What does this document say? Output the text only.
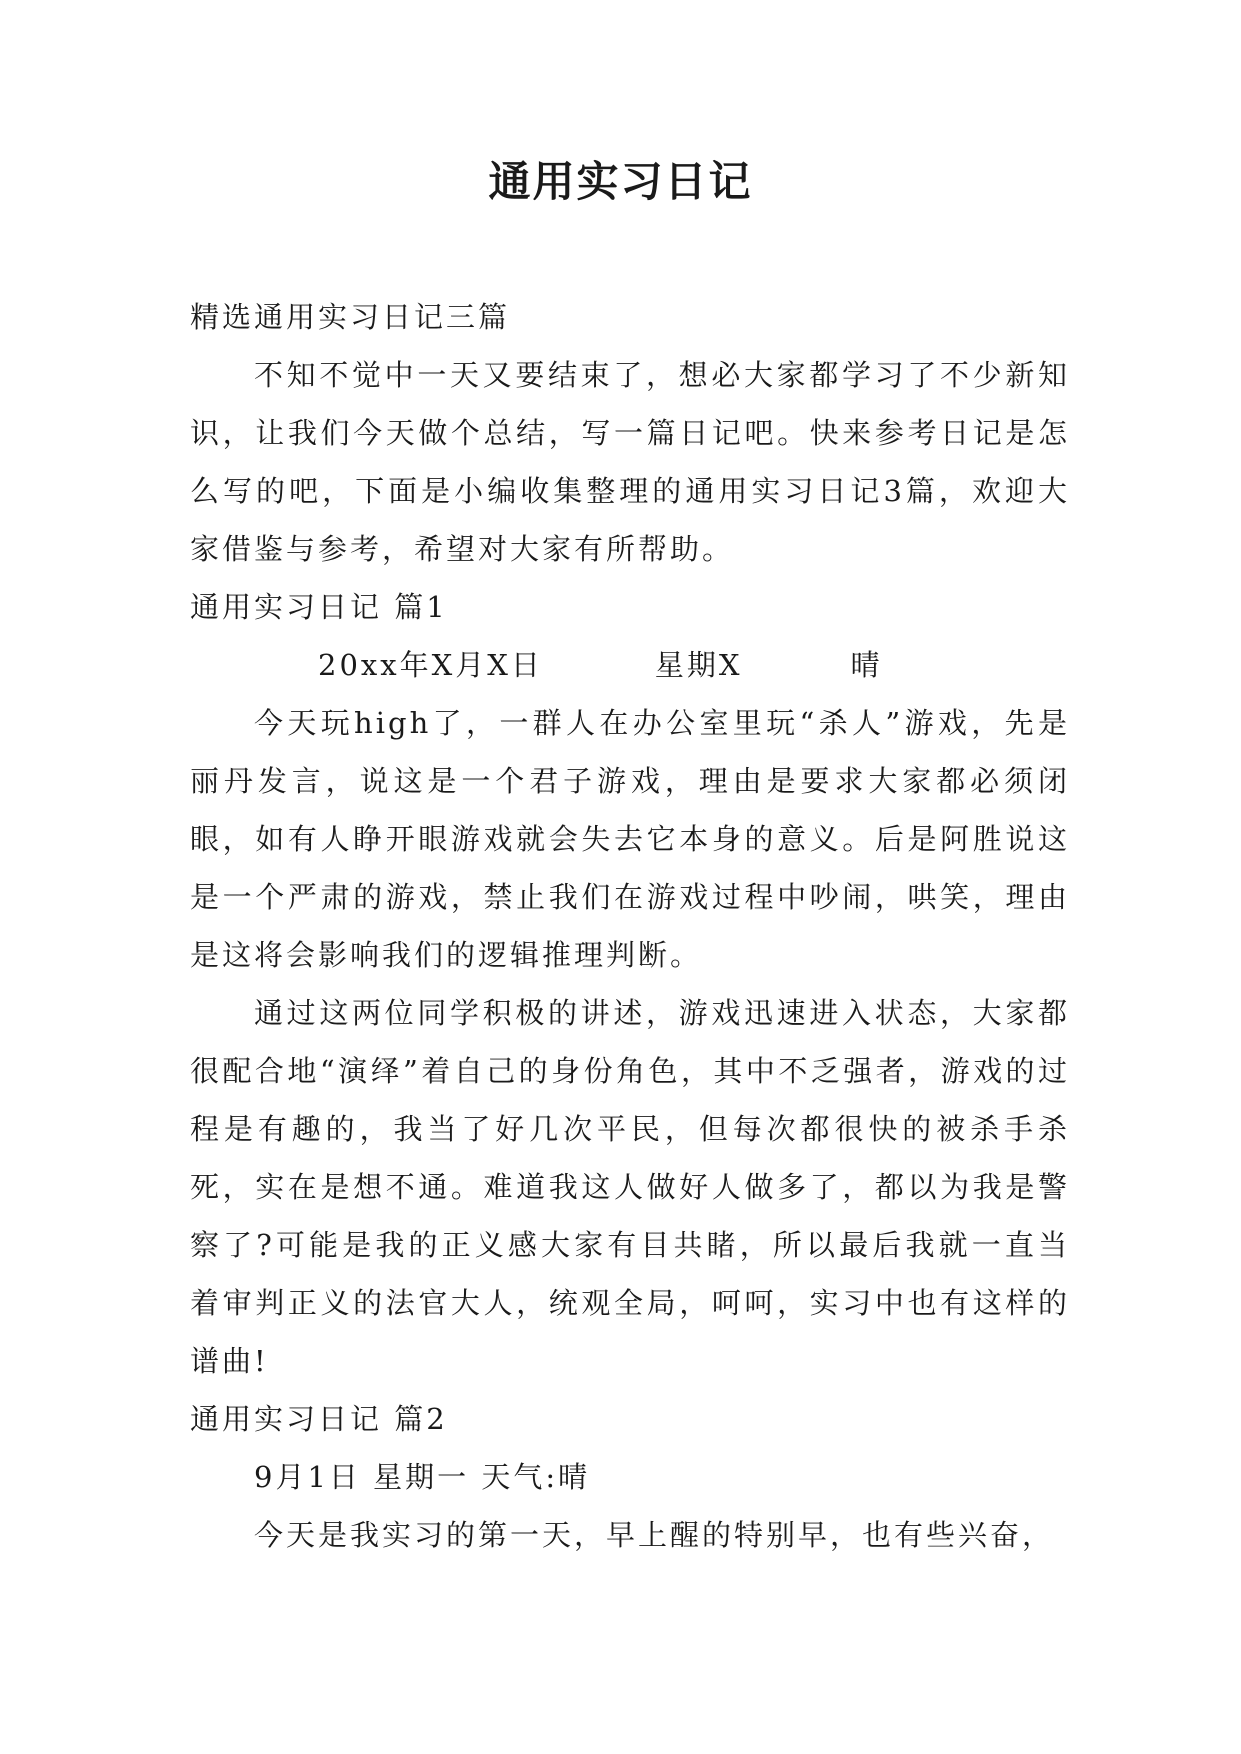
通用实习日记

精选通用实习日记三篇

不知不觉中一天又要结束了，想必大家都学习了不少新知识，让我们今天做个总结，写一篇日记吧。快来参考日记是怎么写的吧，下面是小编收集整理的通用实习日记3篇，欢迎大家借鉴与参考，希望对大家有所帮助。

通用实习日记 篇1

20xx年X月X日	星期X	晴

今天玩high了，一群人在办公室里玩“杀人”游戏，先是丽丹发言，说这是一个君子游戏，理由是要求大家都必须闭眼，如有人睁开眼游戏就会失去它本身的意义。后是阿胜说这是一个严肃的游戏，禁止我们在游戏过程中吵闹，哄笑，理由是这将会影响我们的逻辑推理判断。

通过这两位同学积极的讲述，游戏迅速进入状态，大家都很配合地“演绎”着自己的身份角色，其中不乏强者，游戏的过程是有趣的，我当了好几次平民，但每次都很快的被杀手杀死，实在是想不通。难道我这人做好人做多了，都以为我是警察了?可能是我的正义感大家有目共睹，所以最后我就一直当着审判正义的法官大人，统观全局，呵呵，实习中也有这样的谱曲!

通用实习日记 篇2

9月1日 星期一 天气:晴

今天是我实习的第一天，早上醒的特别早，也有些兴奋，
